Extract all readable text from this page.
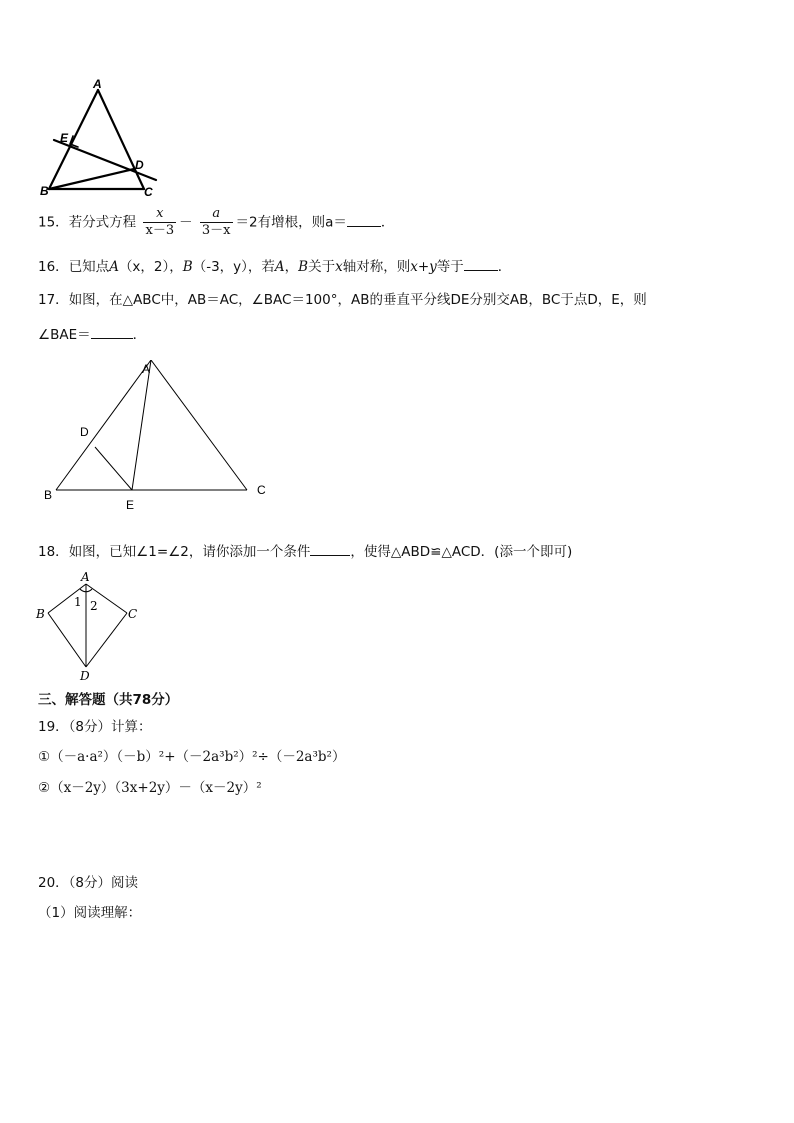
A
B	C
D
E
15．若分式方程 $\frac{x}{x-3} - \frac{a}{3-x} =2$有增根，则a＝	．
16．已知点A（x，2），B（-3，y），若A，B关于x轴对称，则x+y等于	．
17．如图，在△ABC中，AB＝AC，∠BAC＝100°，AB的垂直平分线DE分别交AB，BC于点D，E，则
∠BAE＝	．
A
D
B
E
C
18．如图，已知∠1=∠2，请你添加一个条件	，使得△ABD≌△ACD．(添一个即可)
A
B	C
D
1 2
三、解答题（共78分）
19．（8分）计算：
①（－a·a²）（－b）²+（－2a³b²）²÷（－2a³b²）
②（x－2y）（3x+2y）－（x－2y）²
20．（8分）阅读
（1）阅读理解：
